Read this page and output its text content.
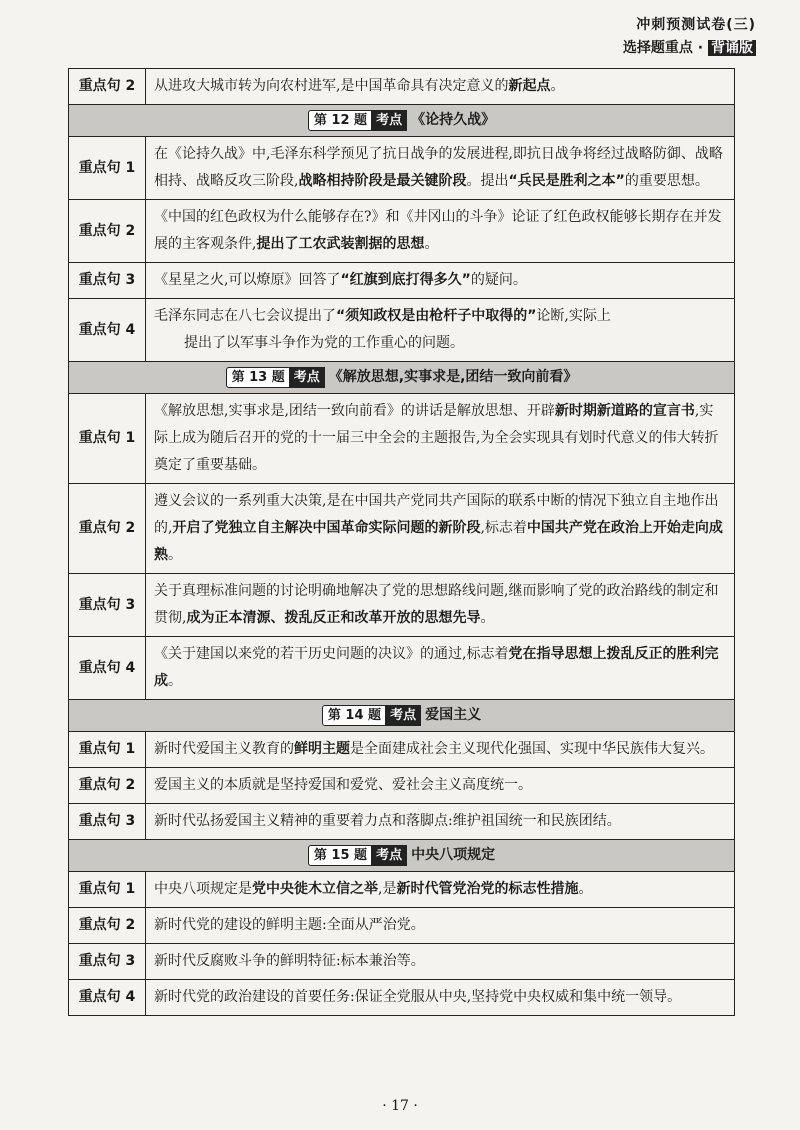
冲刺预测试卷(三)
选择题重点 · 背诵版
重点句 2	从进攻大城市转为向农村进军,是中国革命具有决定意义的新起点。
第 12 题 考点 《论持久战》	
重点句 1	在《论持久战》中,毛泽东科学预见了抗日战争的发展进程,即抗日战争将经过战略防御、战略相持、战略反攻三阶段,战略相持阶段是最关键阶段。提出“兵民是胜利之本”的重要思想。
重点句 2	《中国的红色政权为什么能够存在?》和《井冈山的斗争》论证了红色政权能够长期存在并发展的主客观条件,提出了工农武装割据的思想。
重点句 3	《星星之火,可以燎原》回答了“红旗到底打得多久”的疑问。
重点句 4	毛泽东同志在八七会议提出了“须知政权是由枪杆子中取得的”论断,实际上
提出了以军事斗争作为党的工作重心的问题。

第 13 题 考点 《解放思想,实事求是,团结一致向前看》	
重点句 1	《解放思想,实事求是,团结一致向前看》的讲话是解放思想、开辟新时期新道路的宣言书,实际上成为随后召开的党的十一届三中全会的主题报告,为全会实现具有划时代意义的伟大转折奠定了重要基础。
重点句 2	遵义会议的一系列重大决策,是在中国共产党同共产国际的联系中断的情况下独立自主地作出的,开启了党独立自主解决中国革命实际问题的新阶段,标志着中国共产党在政治上开始走向成熟。
重点句 3	关于真理标准问题的讨论明确地解决了党的思想路线问题,继而影响了党的政治路线的制定和贯彻,成为正本清源、拨乱反正和改革开放的思想先导。
重点句 4	《关于建国以来党的若干历史问题的决议》的通过,标志着党在指导思想上拨乱反正的胜利完成。
第 14 题 考点 爱国主义	
重点句 1	新时代爱国主义教育的鲜明主题是全面建成社会主义现代化强国、实现中华民族伟大复兴。
重点句 2	爱国主义的本质就是坚持爱国和爱党、爱社会主义高度统一。
重点句 3	新时代弘扬爱国主义精神的重要着力点和落脚点:维护祖国统一和民族团结。
第 15 题 考点 中央八项规定	
重点句 1	中央八项规定是党中央徙木立信之举,是新时代管党治党的标志性措施。
重点句 2	新时代党的建设的鲜明主题:全面从严治党。
重点句 3	新时代反腐败斗争的鲜明特征:标本兼治等。
重点句 4	新时代党的政治建设的首要任务:保证全党服从中央,坚持党中央权威和集中统一领导。
· 17 ·
